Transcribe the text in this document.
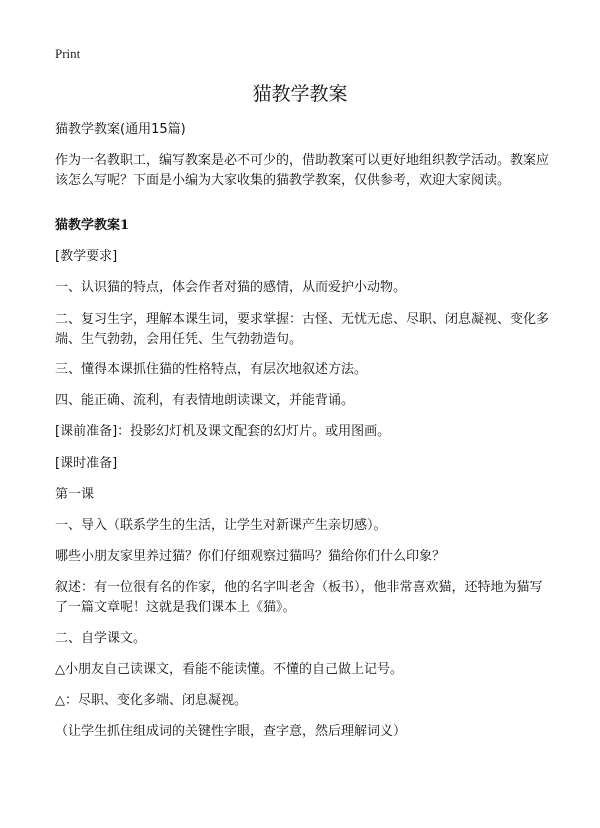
Print
猫教学教案

猫教学教案(通用15篇)

作为一名教职工，编写教案是必不可少的，借助教案可以更好地组织教学活动。教案应该怎么写呢？下面是小编为大家收集的猫教学教案，仅供参考，欢迎大家阅读。

猫教学教案1

[教学要求]

一、认识猫的特点，体会作者对猫的感情，从而爱护小动物。

二、复习生字，理解本课生词，要求掌握：古怪、无忧无虑、尽职、闭息凝视、变化多端、生气勃勃，会用任凭、生气勃勃造句。

三、懂得本课抓住猫的性格特点，有层次地叙述方法。

四、能正确、流利，有表情地朗读课文，并能背诵。

[课前准备]：投影幻灯机及课文配套的幻灯片。或用图画。

[课时准备]

第一课

一、导入（联系学生的生活，让学生对新课产生亲切感）。

哪些小朋友家里养过猫？你们仔细观察过猫吗？猫给你们什么印象？

叙述：有一位很有名的作家，他的名字叫老舍（板书），他非常喜欢猫，还特地为猫写了一篇文章呢！这就是我们课本上《猫》。

二、自学课文。

△小朋友自己读课文，看能不能读懂。不懂的自己做上记号。

△：尽职、变化多端、闭息凝视。

（让学生抓住组成词的关键性字眼，查字意，然后理解词义）
